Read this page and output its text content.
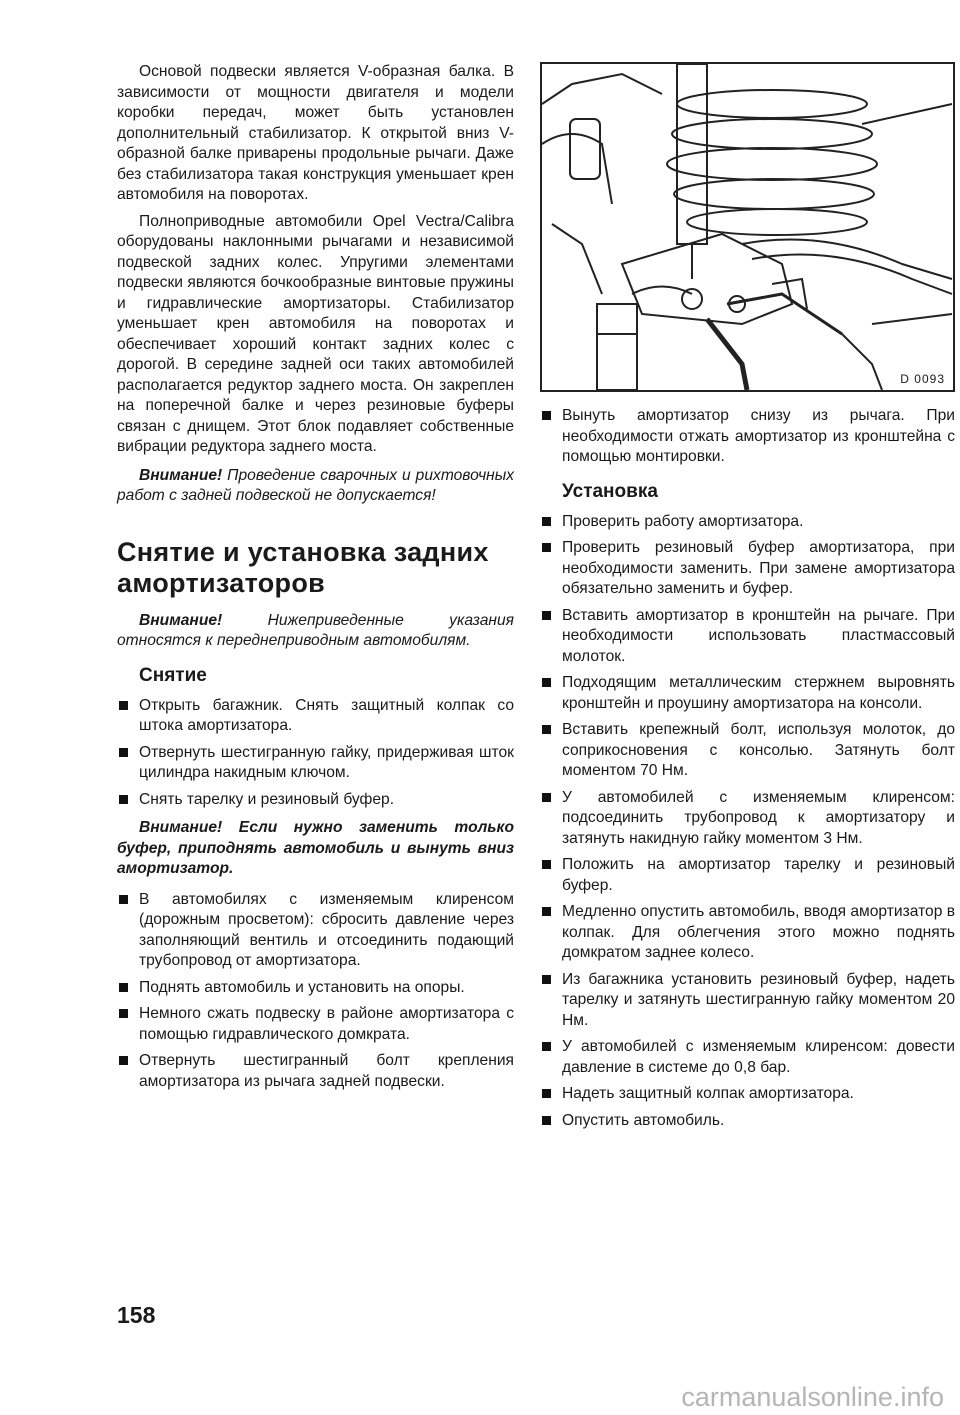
Основой подвески является V-образная балка. В зависимости от мощности двигателя и модели коробки передач, может быть установлен дополнительный стабилизатор. К открытой вниз V-образной балке приварены продольные рычаги. Даже без стабилизатора такая конструкция уменьшает крен автомобиля на поворотах.

Полноприводные автомобили Opel Vectra/Calibra оборудованы наклонными рычагами и независимой подвеской задних колес. Упругими элементами подвески являются бочкообразные винтовые пружины и гидравлические амортизаторы. Стабилизатор уменьшает крен автомобиля на поворотах и обеспечивает хороший контакт задних колес с дорогой. В середине задней оси таких автомобилей располагается редуктор заднего моста. Он закреплен на поперечной балке и через резиновые буферы связан с днищем. Этот блок подавляет собственные вибрации редуктора заднего моста.

Внимание! Проведение сварочных и рихтовочных работ с задней подвеской не допускается!

Снятие и установка задних амортизаторов

Внимание! Нижеприведенные указания относятся к переднеприводным автомобилям.

Снятие
Открыть багажник. Снять защитный колпак со штока амортизатора.
Отвернуть шестигранную гайку, придерживая шток цилиндра накидным ключом.
Снять тарелку и резиновый буфер.

Внимание! Если нужно заменить только буфер, приподнять автомобиль и вынуть вниз амортизатор.

В автомобилях с изменяемым клиренсом (дорожным просветом): сбросить давление через заполняющий вентиль и отсоединить подающий трубопровод от амортизатора.
Поднять автомобиль и установить на опоры.
Немного сжать подвеску в районе амортизатора с помощью гидравлического домкрата.
Отвернуть шестигранный болт крепления амортизатора из рычага задней подвески.
D 0093
Вынуть амортизатор снизу из рычага. При необходимости отжать амортизатор из кронштейна с помощью монтировки.
Установка
Проверить работу амортизатора.
Проверить резиновый буфер амортизатора, при необходимости заменить. При замене амортизатора обязательно заменить и буфер.
Вставить амортизатор в кронштейн на рычаге. При необходимости использовать пластмассовый молоток.
Подходящим металлическим стержнем выровнять кронштейн и проушину амортизатора на консоли.
Вставить крепежный болт, используя молоток, до соприкосновения с консолью. Затянуть болт моментом 70 Нм.
У автомобилей с изменяемым клиренсом: подсоединить трубопровод к амортизатору и затянуть накидную гайку моментом 3 Нм.
Положить на амортизатор тарелку и резиновый буфер.
Медленно опустить автомобиль, вводя амортизатор в колпак. Для облегчения этого можно поднять домкратом заднее колесо.
Из багажника установить резиновый буфер, надеть тарелку и затянуть шестигранную гайку моментом 20 Нм.
У автомобилей с изменяемым клиренсом: довести давление в системе до 0,8 бар.
Надеть защитный колпак амортизатора.
Опустить автомобиль.
158
carmanualsonline.info
